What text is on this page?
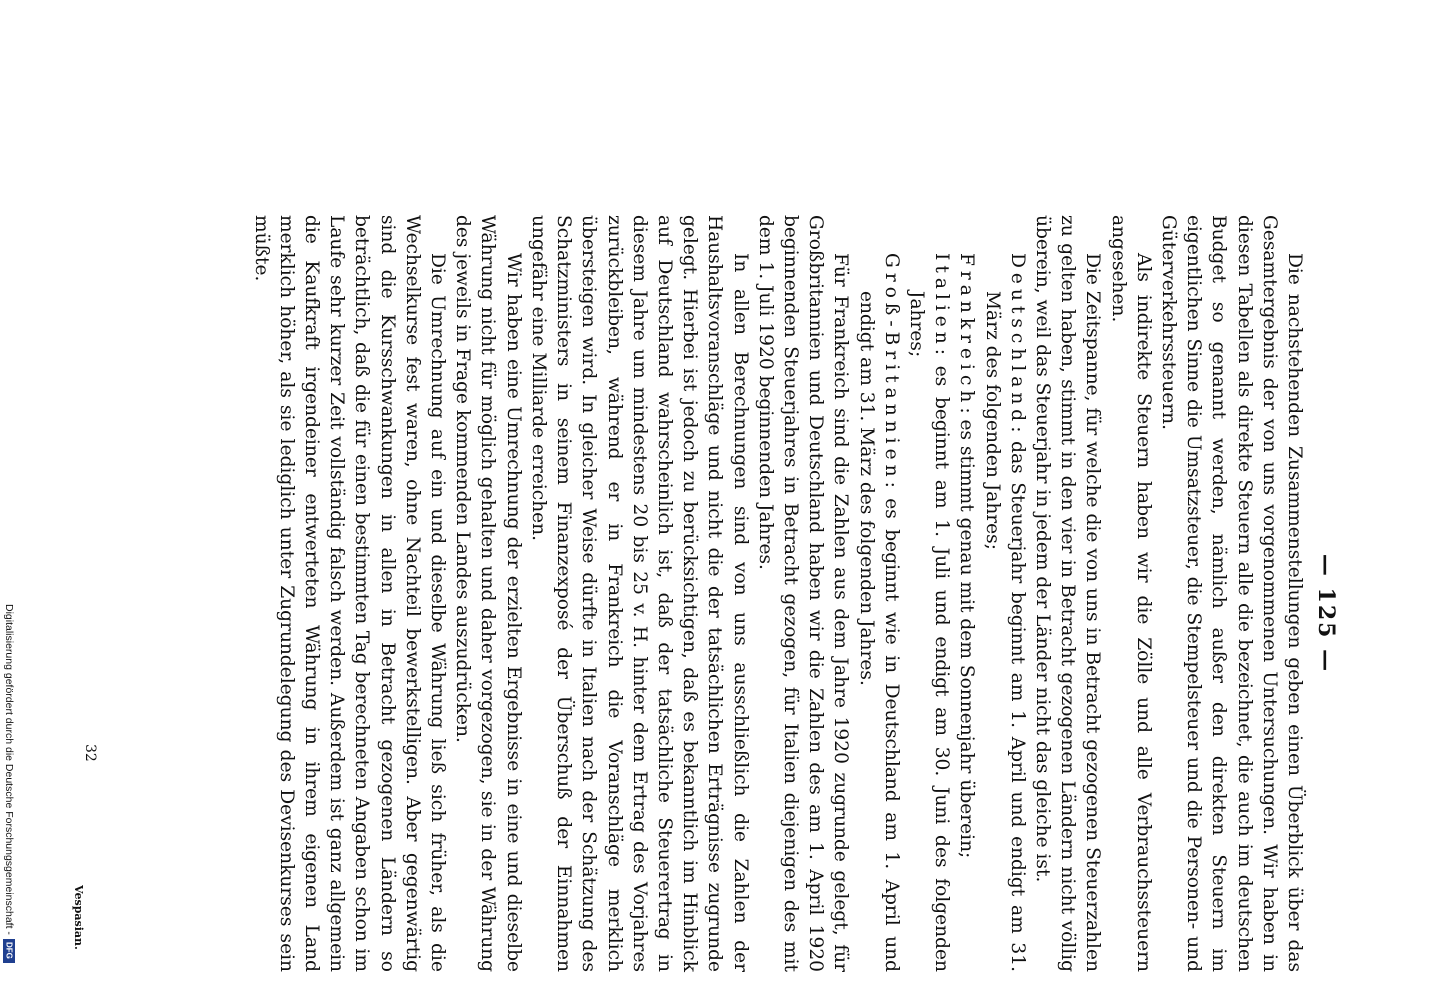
— 125 —

Die nachstehenden Zusammenstellungen geben einen Überblick über das Gesamtergebnis der von uns vorgenommenen Untersuchungen. Wir haben in diesen Tabellen als direkte Steuern alle die bezeichnet, die auch im deutschen Budget so genannt werden, nämlich außer den direkten Steuern im eigentlichen Sinne die Umsatzsteuer, die Stempelsteuer und die Personen- und Güterverkehrssteuern.

Als indirekte Steuern haben wir die Zölle und alle Verbrauchssteuern angesehen.

Die Zeitspanne, für welche die von uns in Betracht gezogenen Steuerzahlen zu gelten haben, stimmt in den vier in Betracht gezogenen Ländern nicht völlig überein, weil das Steuerjahr in jedem der Länder nicht das gleiche ist.

Deutschland: das Steuerjahr beginnt am 1. April und endigt am 31. März des folgenden Jahres;

Frankreich: es stimmt genau mit dem Sonnenjahr überein;

Italien: es beginnt am 1. Juli und endigt am 30. Juni des folgenden Jahres;

Groß-Britannien: es beginnt wie in Deutschland am 1. April und endigt am 31. März des folgenden Jahres.

Für Frankreich sind die Zahlen aus dem Jahre 1920 zugrunde gelegt, für Großbritannien und Deutschland haben wir die Zahlen des am 1. April 1920 beginnenden Steuerjahres in Betracht gezogen, für Italien diejenigen des mit dem 1. Juli 1920 beginnenden Jahres.

In allen Berechnungen sind von uns ausschließlich die Zahlen der Haushaltsvoranschläge und nicht die der tatsächlichen Erträgnisse zugrunde gelegt. Hierbei ist jedoch zu berücksichtigen, daß es bekanntlich im Hinblick auf Deutschland wahrscheinlich ist, daß der tatsächliche Steuerertrag in diesem Jahre um mindestens 20 bis 25 v. H. hinter dem Ertrag des Vorjahres zurückbleiben, während er in Frankreich die Voranschläge merklich übersteigen wird. In gleicher Weise dürfte in Italien nach der Schätzung des Schatzministers in seinem Finanzexposé der Überschuß der Einnahmen ungefähr eine Milliarde erreichen.

Wir haben eine Umrechnung der erzielten Ergebnisse in eine und dieselbe Währung nicht für möglich gehalten und daher vorgezogen, sie in der Währung des jeweils in Frage kommenden Landes auszudrücken.

Die Umrechnung auf ein und dieselbe Währung ließ sich früher, als die Wechselkurse fest waren, ohne Nachteil bewerkstelligen. Aber gegenwärtig sind die Kursschwankungen in allen in Betracht gezogenen Ländern so beträchtlich, daß die für einen bestimmten Tag berechneten Angaben schon im Laufe sehr kurzer Zeit vollständig falsch werden. Außerdem ist ganz allgemein die Kaufkraft irgendeiner entwerteten Währung in ihrem eigenen Land merklich höher, als sie lediglich unter Zugrundelegung des Devisenkurses sein müßte.

Vespasian.
32
Digitalisierung gefördert durch die Deutsche Forschungsgemeinschaft -
DFG
